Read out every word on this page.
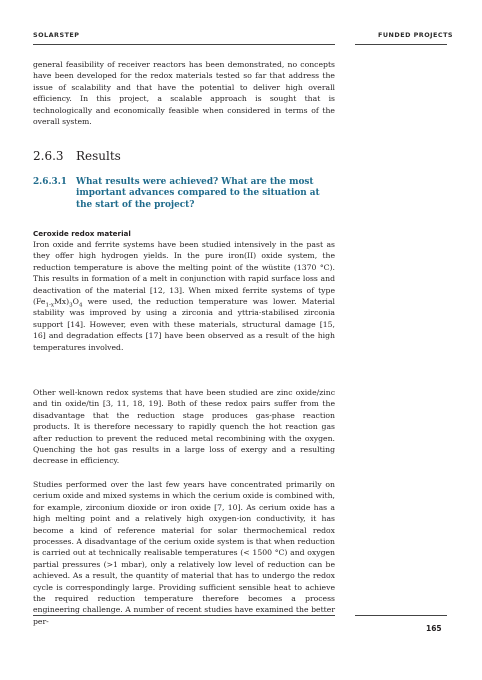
SOLARSTEP	FUNDED PROJECTS
general feasibility of receiver reactors has been demonstrated, no concepts have been developed for the redox materials tested so far that address the issue of scalability and that have the potential to deliver high overall efficiency. In this project, a scalable approach is sought that is technologically and economically feasible when considered in terms of the overall system.
2.6.3 Results
2.6.3.1 What results were achieved? What are the most important advances compared to the situation at the start of the project?
Ceroxide redox material
Iron oxide and ferrite systems have been studied intensively in the past as they offer high hydrogen yields. In the pure iron(II) oxide system, the reduction temperature is above the melting point of the wüstite (1370 °C). This results in formation of a melt in conjunction with rapid surface loss and deactivation of the material [12, 13]. When mixed ferrite systems of type $(Fe_{1-x}Mx)_3O_4$ were used, the reduction temperature was lower. Material stability was improved by using a zirconia and yttria-stabilised zirconia support [14]. However, even with these materials, structural damage [15, 16] and degradation effects [17] have been observed as a result of the high temperatures involved.
Other well-known redox systems that have been studied are zinc oxide/zinc and tin oxide/tin [3, 11, 18, 19]. Both of these redox pairs suffer from the disadvantage that the reduction stage produces gas-phase reaction products. It is therefore necessary to rapidly quench the hot reaction gas after reduction to prevent the reduced metal recombining with the oxygen. Quenching the hot gas results in a large loss of exergy and a resulting decrease in efficiency.
Studies performed over the last few years have concentrated primarily on cerium oxide and mixed systems in which the cerium oxide is combined with, for example, zirconium dioxide or iron oxide [7, 10]. As cerium oxide has a high melting point and a relatively high oxygen-ion conductivity, it has become a kind of reference material for solar thermochemical redox processes. A disadvantage of the cerium oxide system is that when reduction is carried out at technically realisable temperatures (< 1500 °C) and oxygen partial pressures (>1 mbar), only a relatively low level of reduction can be achieved. As a result, the quantity of material that has to undergo the redox cycle is correspondingly large. Providing sufficient sensible heat to achieve the required reduction temperature therefore becomes a process engineering challenge. A number of recent studies have examined the better per-
165
